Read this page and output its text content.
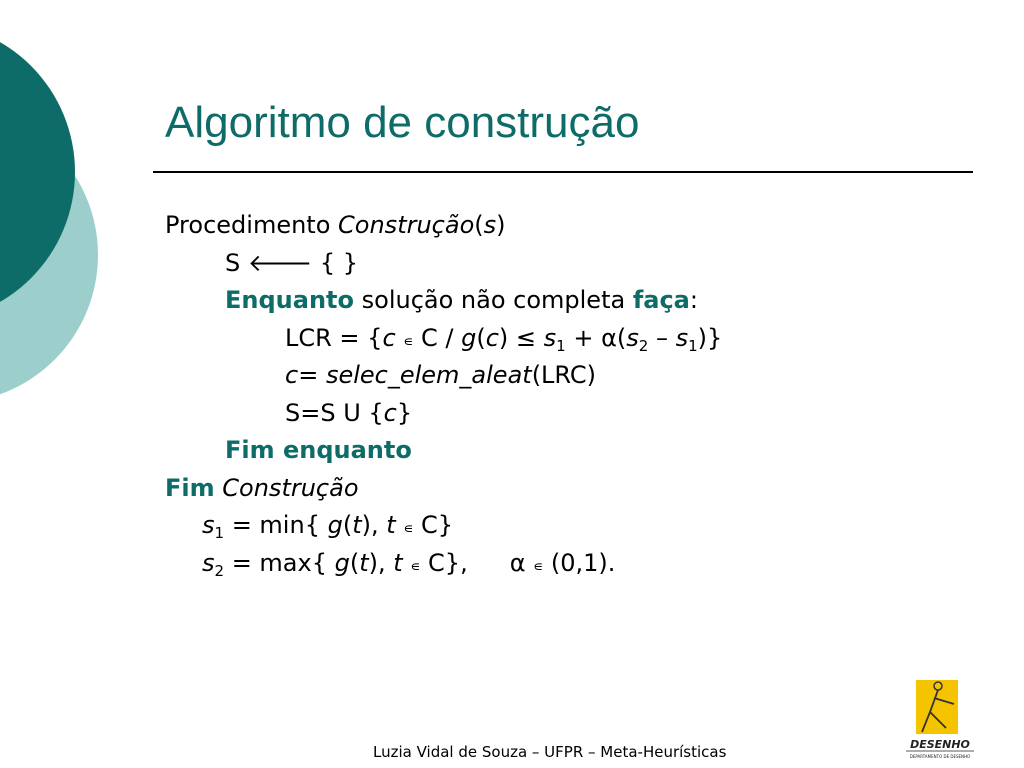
Algoritmo de construção
Procedimento Construção(s)
S 🡐 { }
Enquanto solução não completa faça:
LCR = {c ∊ $C / g(c) \le s_1 + \alpha(s_2 - s_1)$}
c= selec_elem_aleat(LRC)
S=S U {c}
Fim enquanto
Fim Construção
$s_1 = \min${ g(t), t ∊ C}
$s_2 = \max${ g(t), t ∊ C}, α ∊ (0,1).
Luzia Vidal de Souza – UFPR – Meta-Heurísticas	DESENHO
DEPARTAMENTO DE DESENHO
